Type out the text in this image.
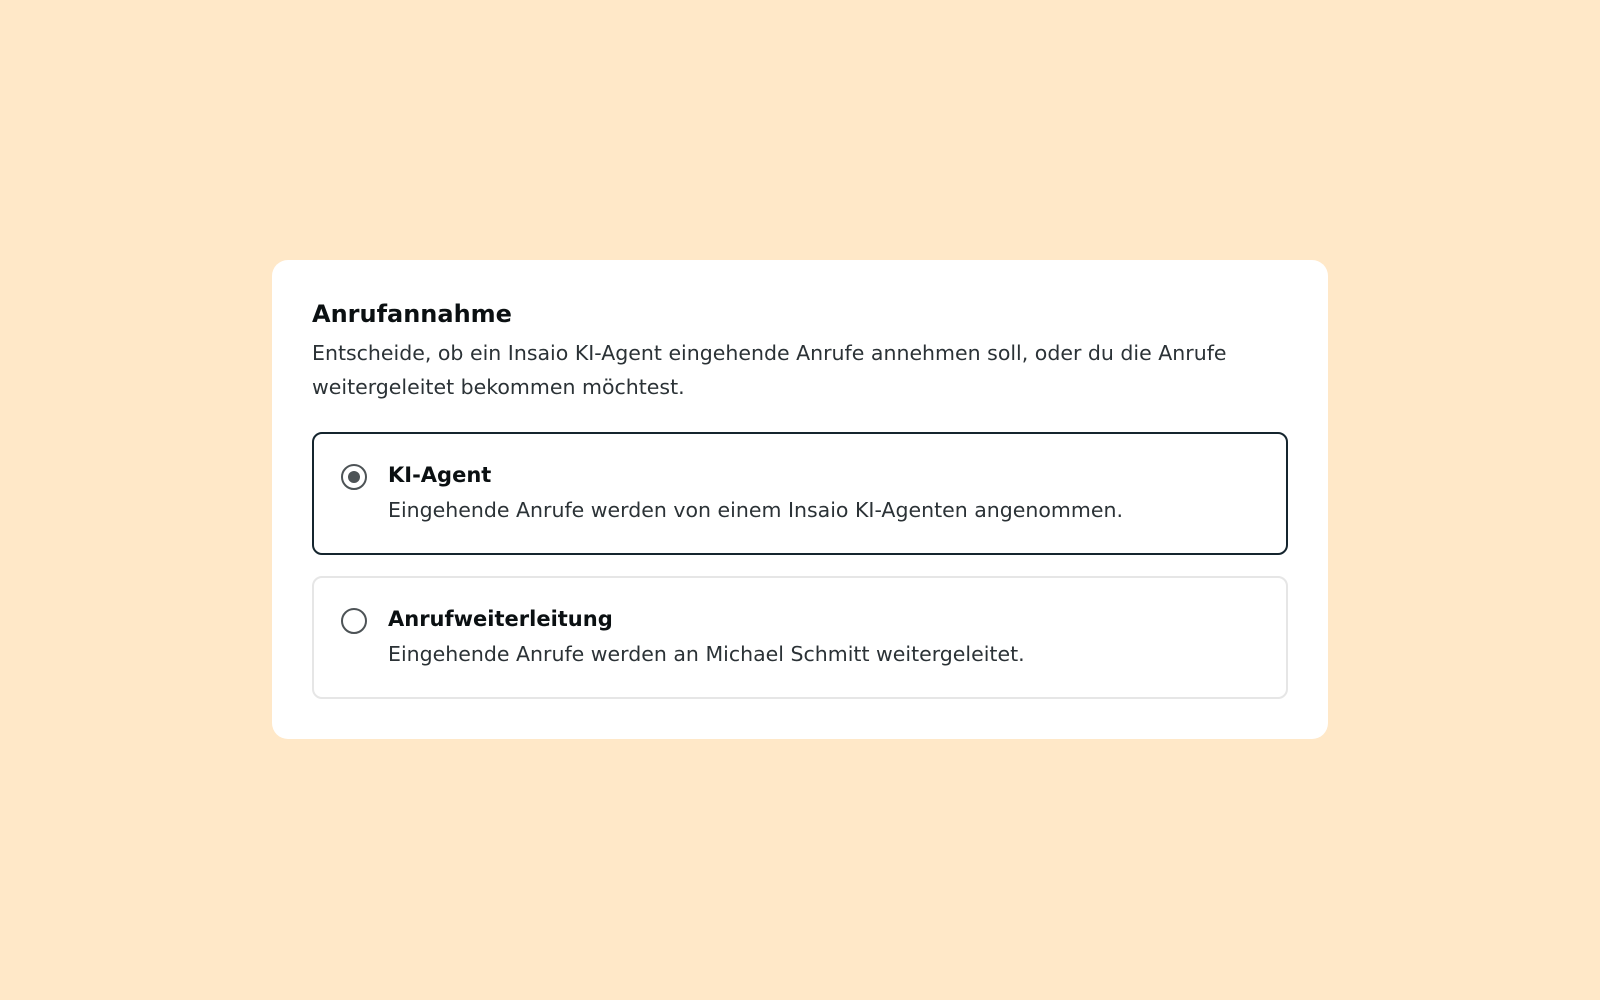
Anrufannahme

Entscheide, ob ein Insaio KI-Agent eingehende Anrufe annehmen soll, oder du die Anrufe weitergeleitet bekommen möchtest.

KI-Agent
Eingehende Anrufe werden von einem Insaio KI-Agenten angenommen.
Anrufweiterleitung
Eingehende Anrufe werden an Michael Schmitt weitergeleitet.
